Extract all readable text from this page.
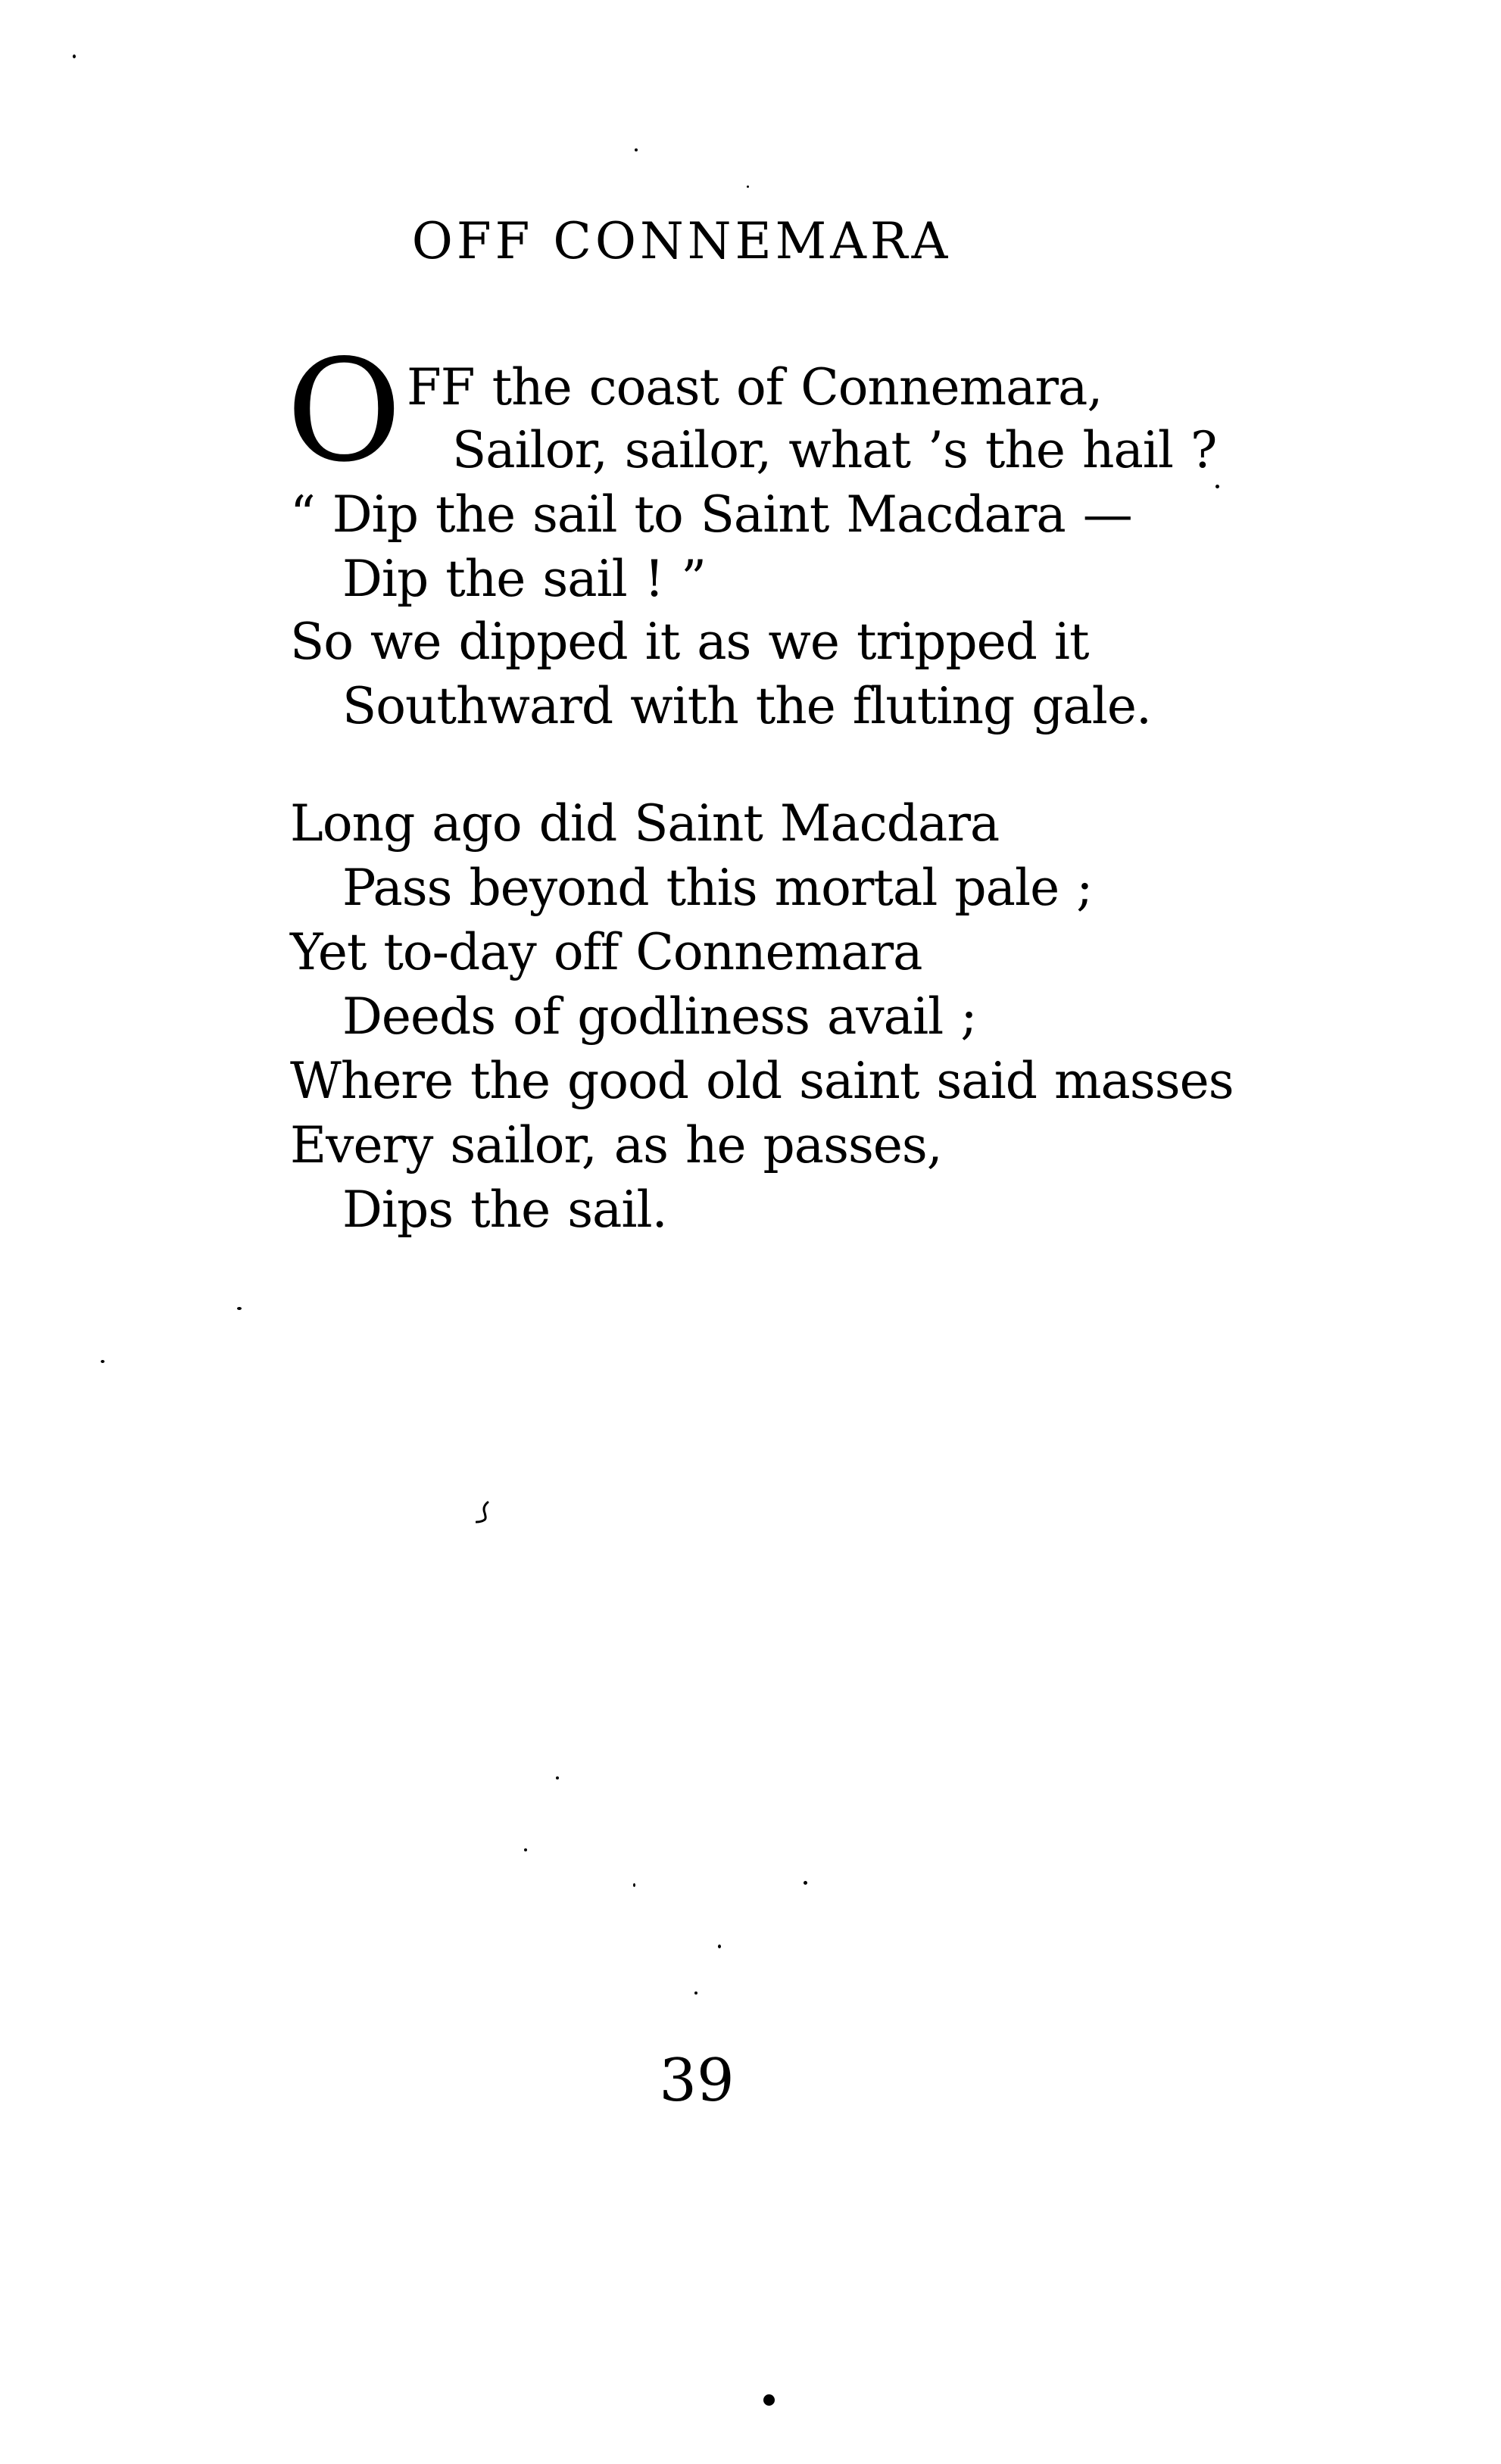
OFF CONNEMARA
O FF the coast of Connemara,
Sailor, sailor, what ’s the hail ?
“ Dip the sail to Saint Macdara —
Dip the sail ! ”
So we dipped it as we tripped it
Southward with the fluting gale.
Long ago did Saint Macdara
Pass beyond this mortal pale ;
Yet to-day off Connemara
Deeds of godliness avail ;
Where the good old saint said masses
Every sailor, as he passes,
Dips the sail.
39
